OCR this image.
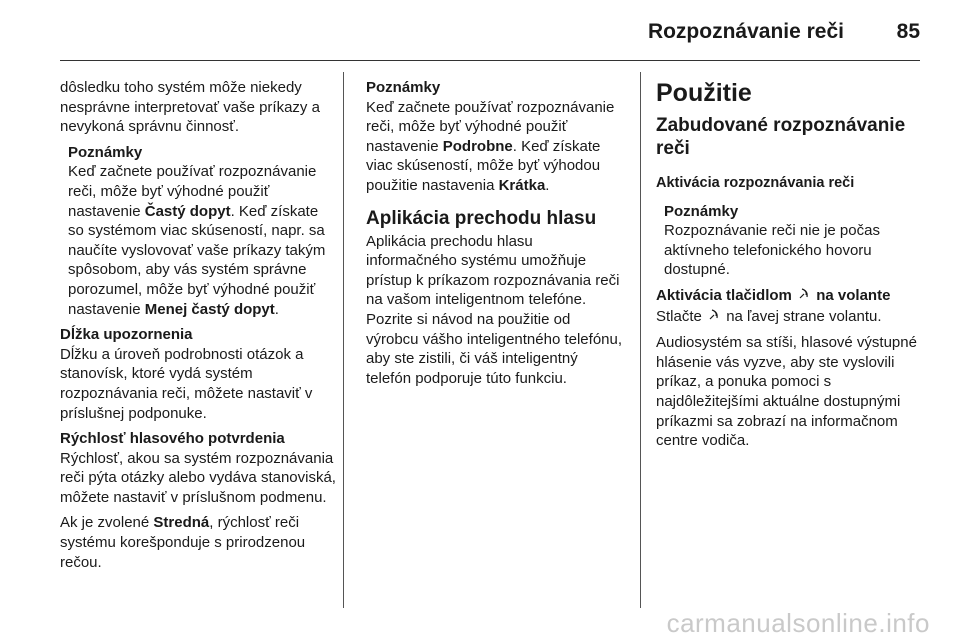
Rozpoznávanie reči	85

dôsledku toho systém môže niekedy nesprávne interpretovať vaše príkazy a nevykoná správnu činnosť.

Poznámky

Keď začnete používať rozpoznávanie reči, môže byť výhodné použiť nastavenie Častý dopyt. Keď získate so systémom viac skúseností, napr. sa naučíte vyslovovať vaše príkazy takým spôsobom, aby vás systém správne porozumel, môže byť výhodné použiť nastavenie Menej častý dopyt.

Dĺžka upozornenia

Dĺžku a úroveň podrobnosti otázok a stanovísk, ktoré vydá systém rozpoznávania reči, môžete nastaviť v príslušnej podponuke.

Rýchlosť hlasového potvrdenia

Rýchlosť, akou sa systém rozpoznávania reči pýta otázky alebo vydáva stanoviská, môžete nastaviť v príslušnom podmenu.

Ak je zvolené Stredná, rýchlosť reči systému korešponduje s prirodzenou rečou.

Poznámky

Keď začnete používať rozpoznávanie reči, môže byť výhodné použiť nastavenie Podrobne. Keď získate viac skúseností, môže byť výhodou použitie nastavenia Krátka.

Aplikácia prechodu hlasu

Aplikácia prechodu hlasu informačného systému umožňuje prístup k príkazom rozpoznávania reči na vašom inteligentnom telefóne. Pozrite si návod na použitie od výrobcu vášho inteligentného telefónu, aby ste zistili, či váš inteligentný telefón podporuje túto funkciu.

Použitie

Zabudované rozpoznávanie reči

Aktivácia rozpoznávania reči

Poznámky

Rozpoznávanie reči nie je počas aktívneho telefonického hovoru dostupné.

Aktivácia tlačidlom  na volante

Stlačte  na ľavej strane volantu.

Audiosystém sa stíši, hlasové výstupné hlásenie vás vyzve, aby ste vyslovili príkaz, a ponuka pomoci s najdôležitejšími aktuálne dostupnými príkazmi sa zobrazí na informačnom centre vodiča.

carmanualsonline.info
